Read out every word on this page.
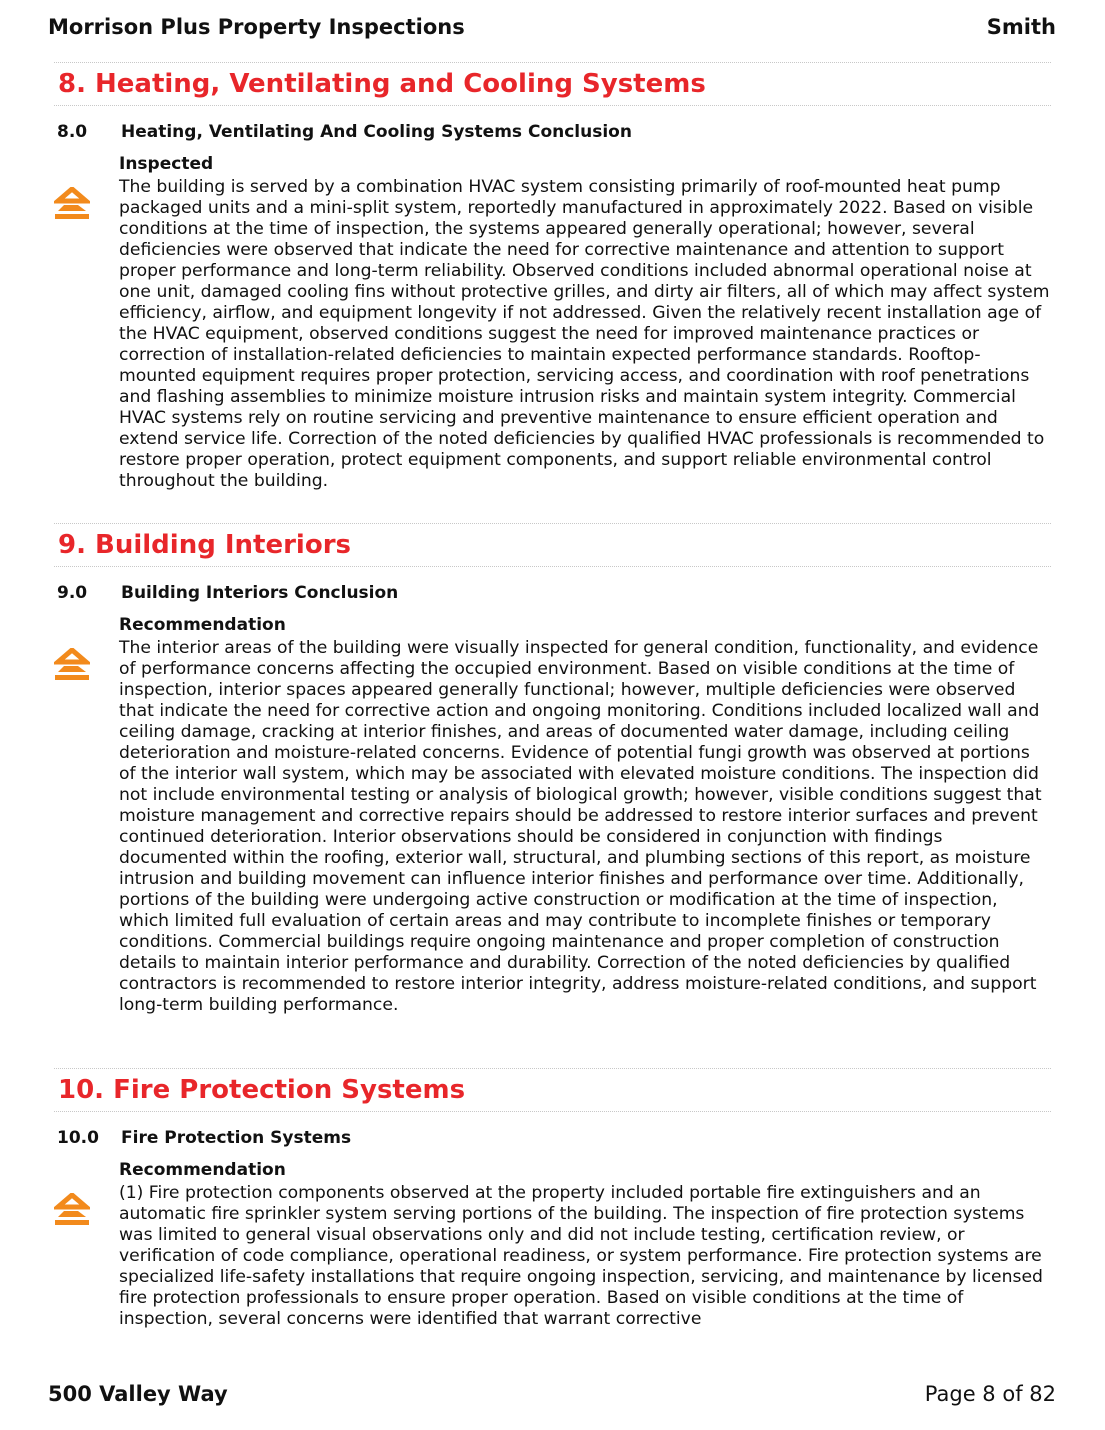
Morrison Plus Property Inspections	Smith
8. Heating, Ventilating and Cooling Systems
8.0	Heating, Ventilating And Cooling Systems Conclusion
Inspected

The building is served by a combination HVAC system consisting primarily of roof-mounted heat pump packaged units and a mini-split system, reportedly manufactured in approximately 2022. Based on visible conditions at the time of inspection, the systems appeared generally operational; however, several deficiencies were observed that indicate the need for corrective maintenance and attention to support proper performance and long-term reliability. Observed conditions included abnormal operational noise at one unit, damaged cooling fins without protective grilles, and dirty air filters, all of which may affect system efficiency, airflow, and equipment longevity if not addressed. Given the relatively recent installation age of the HVAC equipment, observed conditions suggest the need for improved maintenance practices or correction of installation-related deficiencies to maintain expected performance standards. Rooftop-mounted equipment requires proper protection, servicing access, and coordination with roof penetrations and flashing assemblies to minimize moisture intrusion risks and maintain system integrity. Commercial HVAC systems rely on routine servicing and preventive maintenance to ensure efficient operation and extend service life. Correction of the noted deficiencies by qualified HVAC professionals is recommended to restore proper operation, protect equipment components, and support reliable environmental control throughout the building.

9. Building Interiors
9.0	Building Interiors Conclusion
Recommendation

The interior areas of the building were visually inspected for general condition, functionality, and evidence of performance concerns affecting the occupied environment. Based on visible conditions at the time of inspection, interior spaces appeared generally functional; however, multiple deficiencies were observed that indicate the need for corrective action and ongoing monitoring. Conditions included localized wall and ceiling damage, cracking at interior finishes, and areas of documented water damage, including ceiling deterioration and moisture-related concerns. Evidence of potential fungi growth was observed at portions of the interior wall system, which may be associated with elevated moisture conditions. The inspection did not include environmental testing or analysis of biological growth; however, visible conditions suggest that moisture management and corrective repairs should be addressed to restore interior surfaces and prevent continued deterioration. Interior observations should be considered in conjunction with findings documented within the roofing, exterior wall, structural, and plumbing sections of this report, as moisture intrusion and building movement can influence interior finishes and performance over time. Additionally, portions of the building were undergoing active construction or modification at the time of inspection, which limited full evaluation of certain areas and may contribute to incomplete finishes or temporary conditions. Commercial buildings require ongoing maintenance and proper completion of construction details to maintain interior performance and durability. Correction of the noted deficiencies by qualified contractors is recommended to restore interior integrity, address moisture-related conditions, and support long-term building performance.

10. Fire Protection Systems
10.0	Fire Protection Systems
Recommendation

(1) Fire protection components observed at the property included portable fire extinguishers and an automatic fire sprinkler system serving portions of the building. The inspection of fire protection systems was limited to general visual observations only and did not include testing, certification review, or verification of code compliance, operational readiness, or system performance. Fire protection systems are specialized life-safety installations that require ongoing inspection, servicing, and maintenance by licensed fire protection professionals to ensure proper operation. Based on visible conditions at the time of inspection, several concerns were identified that warrant corrective

500 Valley Way	Page 8 of 82
